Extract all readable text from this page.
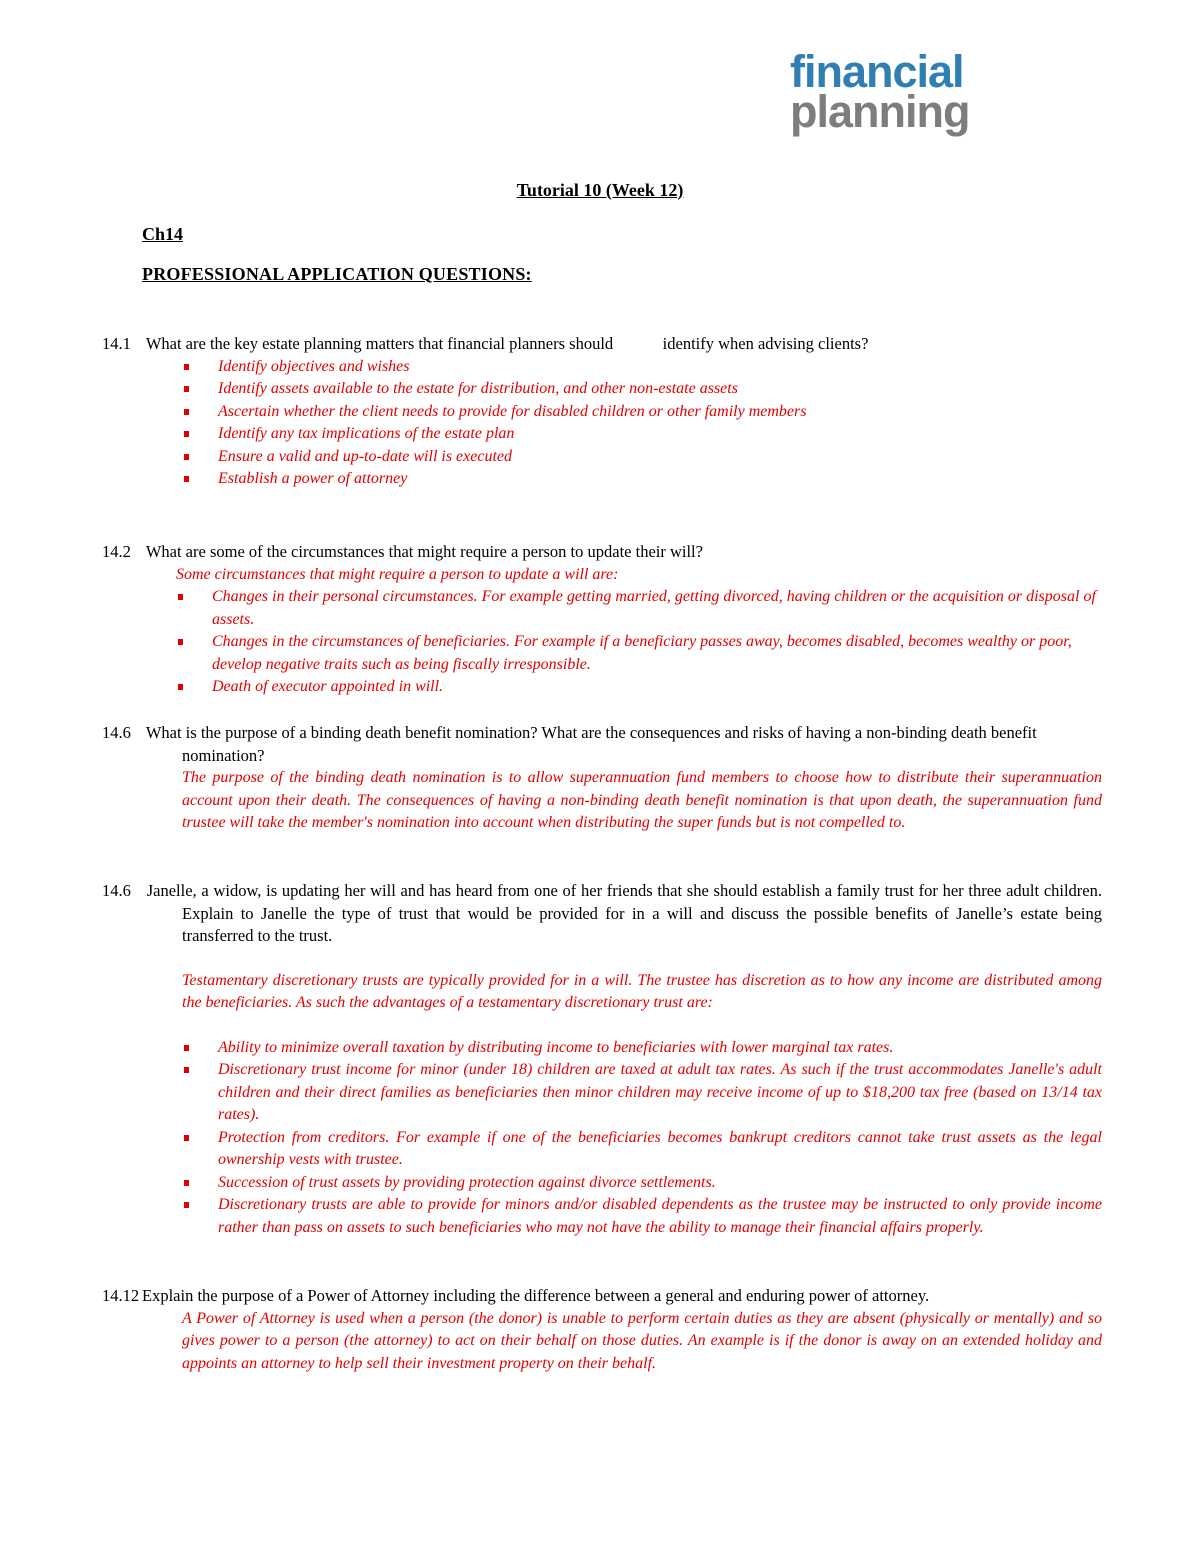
financial
planning
Tutorial 10 (Week 12)
Ch14
PROFESSIONAL APPLICATION QUESTIONS:
14.1 What are the key estate planning matters that financial planners should            identify when advising clients?
Identify objectives and wishes
Identify assets available to the estate for distribution, and other non-estate assets
Ascertain whether the client needs to provide for disabled children or other family members
Identify any tax implications of the estate plan
Ensure a valid and up-to-date will is executed
Establish a power of attorney
14.2 What are some of the circumstances that might require a person to update their will?
Some circumstances that might require a person to update a will are:
Changes in their personal circumstances. For example getting married, getting divorced, having children or the acquisition or disposal of assets.
Changes in the circumstances of beneficiaries. For example if a beneficiary passes away, becomes disabled, becomes wealthy or poor, develop negative traits such as being fiscally irresponsible.
Death of executor appointed in will.
14.6 What is the purpose of a binding death benefit nomination? What are the consequences and risks of having a non-binding death benefit nomination?
The purpose of the binding death nomination is to allow superannuation fund members to choose how to distribute their superannuation account upon their death. The consequences of having a non-binding death benefit nomination is that upon death, the superannuation fund trustee will take the member's nomination into account when distributing the super funds but is not compelled to.
14.6 Janelle, a widow, is updating her will and has heard from one of her friends that she should establish a family trust for her three adult children. Explain to Janelle the type of trust that would be provided for in a will and discuss the possible benefits of Janelle’s estate being transferred to the trust.
Testamentary discretionary trusts are typically provided for in a will. The trustee has discretion as to how any income are distributed among the beneficiaries. As such the advantages of a testamentary discretionary trust are:
Ability to minimize overall taxation by distributing income to beneficiaries with lower marginal tax rates.
Discretionary trust income for minor (under 18) children are taxed at adult tax rates. As such if the trust accommodates Janelle's adult children and their direct families as beneficiaries then minor children may receive income of up to $18,200 tax free (based on 13/14 tax rates).
Protection from creditors. For example if one of the beneficiaries becomes bankrupt creditors cannot take trust assets as the legal ownership vests with trustee.
Succession of trust assets by providing protection against divorce settlements.
Discretionary trusts are able to provide for minors and/or disabled dependents as the trustee may be instructed to only provide income rather than pass on assets to such beneficiaries who may not have the ability to manage their financial affairs properly.
14.12 Explain the purpose of a Power of Attorney including the difference between a general and enduring power of attorney.
A Power of Attorney is used when a person (the donor) is unable to perform certain duties as they are absent (physically or mentally) and so gives power to a person (the attorney) to act on their behalf on those duties. An example is if the donor is away on an extended holiday and appoints an attorney to help sell their investment property on their behalf.
